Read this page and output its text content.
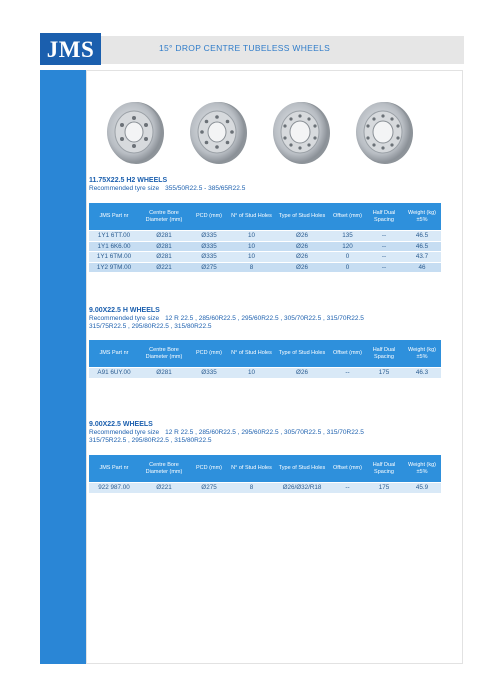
JMS	15° DROP CENTRE TUBELESS WHEELS
11.75X22.5 H2 WHEELS
Recommended tyre size 355/50R22.5 - 385/65R22.5
JMS Part nr	Centre Bore Diameter (mm)	PCD (mm)	N° of Stud Holes	Type of Stud Holes	Offset (mm)	Half Dual Spacing	Weight (kg) ±5%
1Y1 6TT.00	Ø281	Ø335	10	Ø26	135	--	46.5
1Y1 6K6.00	Ø281	Ø335	10	Ø26	120	--	46.5
1Y1 6TM.00	Ø281	Ø335	10	Ø26	0	--	43.7
1Y2 9TM.00	Ø221	Ø275	8	Ø26	0	--	46
9.00X22.5 H WHEELS
Recommended tyre size 12 R 22.5 , 285/60R22.5 , 295/60R22.5 , 305/70R22.5 , 315/70R22.5
315/75R22.5 , 295/80R22.5 , 315/80R22.5
JMS Part nr	Centre Bore Diameter (mm)	PCD (mm)	N° of Stud Holes	Type of Stud Holes	Offset (mm)	Half Dual Spacing	Weight (kg) ±5%
A91 6UY.00	Ø281	Ø335	10	Ø26	--	175	46.3
9.00X22.5 WHEELS
Recommended tyre size 12 R 22.5 , 285/60R22.5 , 295/60R22.5 , 305/70R22.5 , 315/70R22.5
315/75R22.5 , 295/80R22.5 , 315/80R22.5
JMS Part nr	Centre Bore Diameter (mm)	PCD (mm)	N° of Stud Holes	Type of Stud Holes	Offset (mm)	Half Dual Spacing	Weight (kg) ±5%
922 987.00	Ø221	Ø275	8	Ø26/Ø32/R18	--	175	45.9
